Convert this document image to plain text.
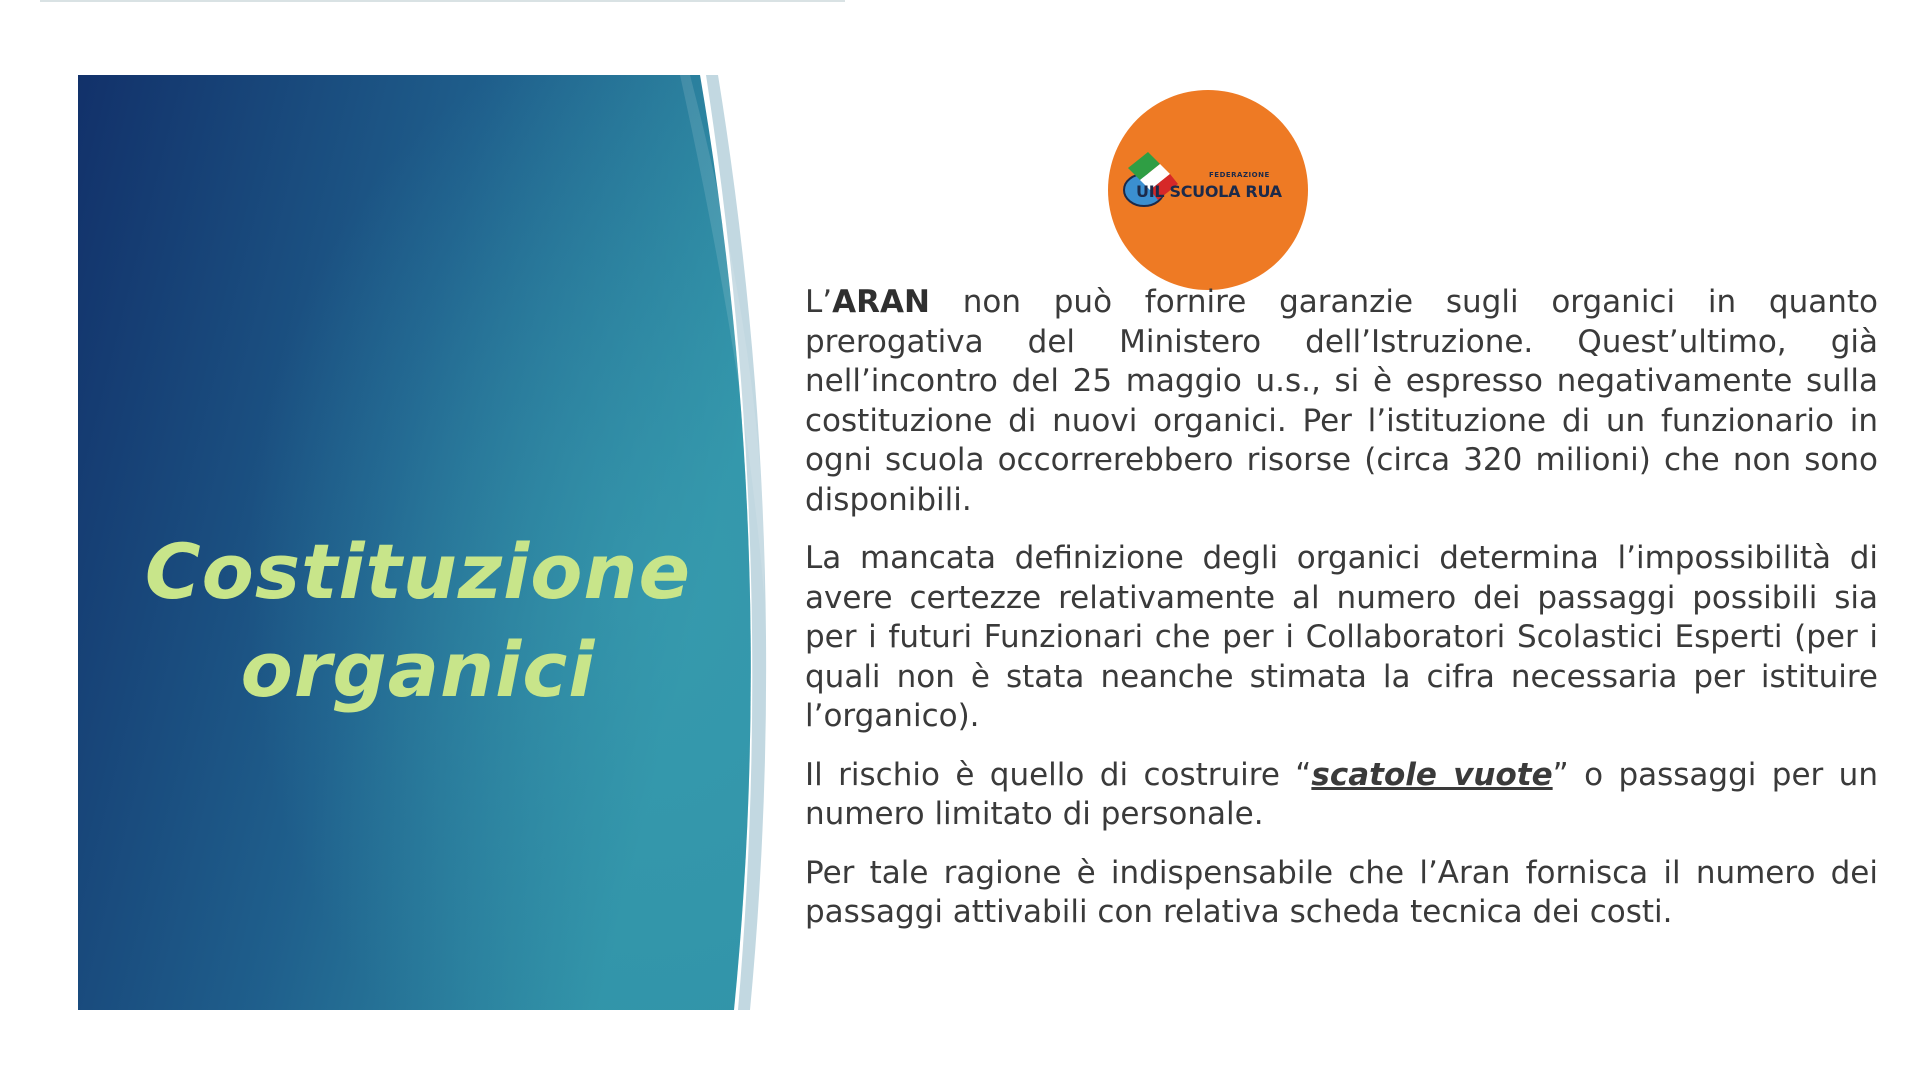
Costituzione
organici
FEDERAZIONE
UIL SCUOLA RUA

L’ARAN non può fornire garanzie sugli organici in quanto prerogativa del Ministero dell’Istruzione. Quest’ultimo, già nell’incontro del 25 maggio u.s., si è espresso negativamente sulla costituzione di nuovi organici. Per l’istituzione di un funzionario in ogni scuola occorrerebbero risorse (circa 320 milioni) che non sono disponibili.

La mancata definizione degli organici determina l’impossibilità di avere certezze relativamente al numero dei passaggi possibili sia per i futuri Funzionari che per i Collaboratori Scolastici Esperti (per i quali non è stata neanche stimata la cifra necessaria per istituire l’organico).

Il rischio è quello di costruire “scatole vuote” o passaggi per un numero limitato di personale.

Per tale ragione è indispensabile che l’Aran fornisca il numero dei passaggi attivabili con relativa scheda tecnica dei costi.
